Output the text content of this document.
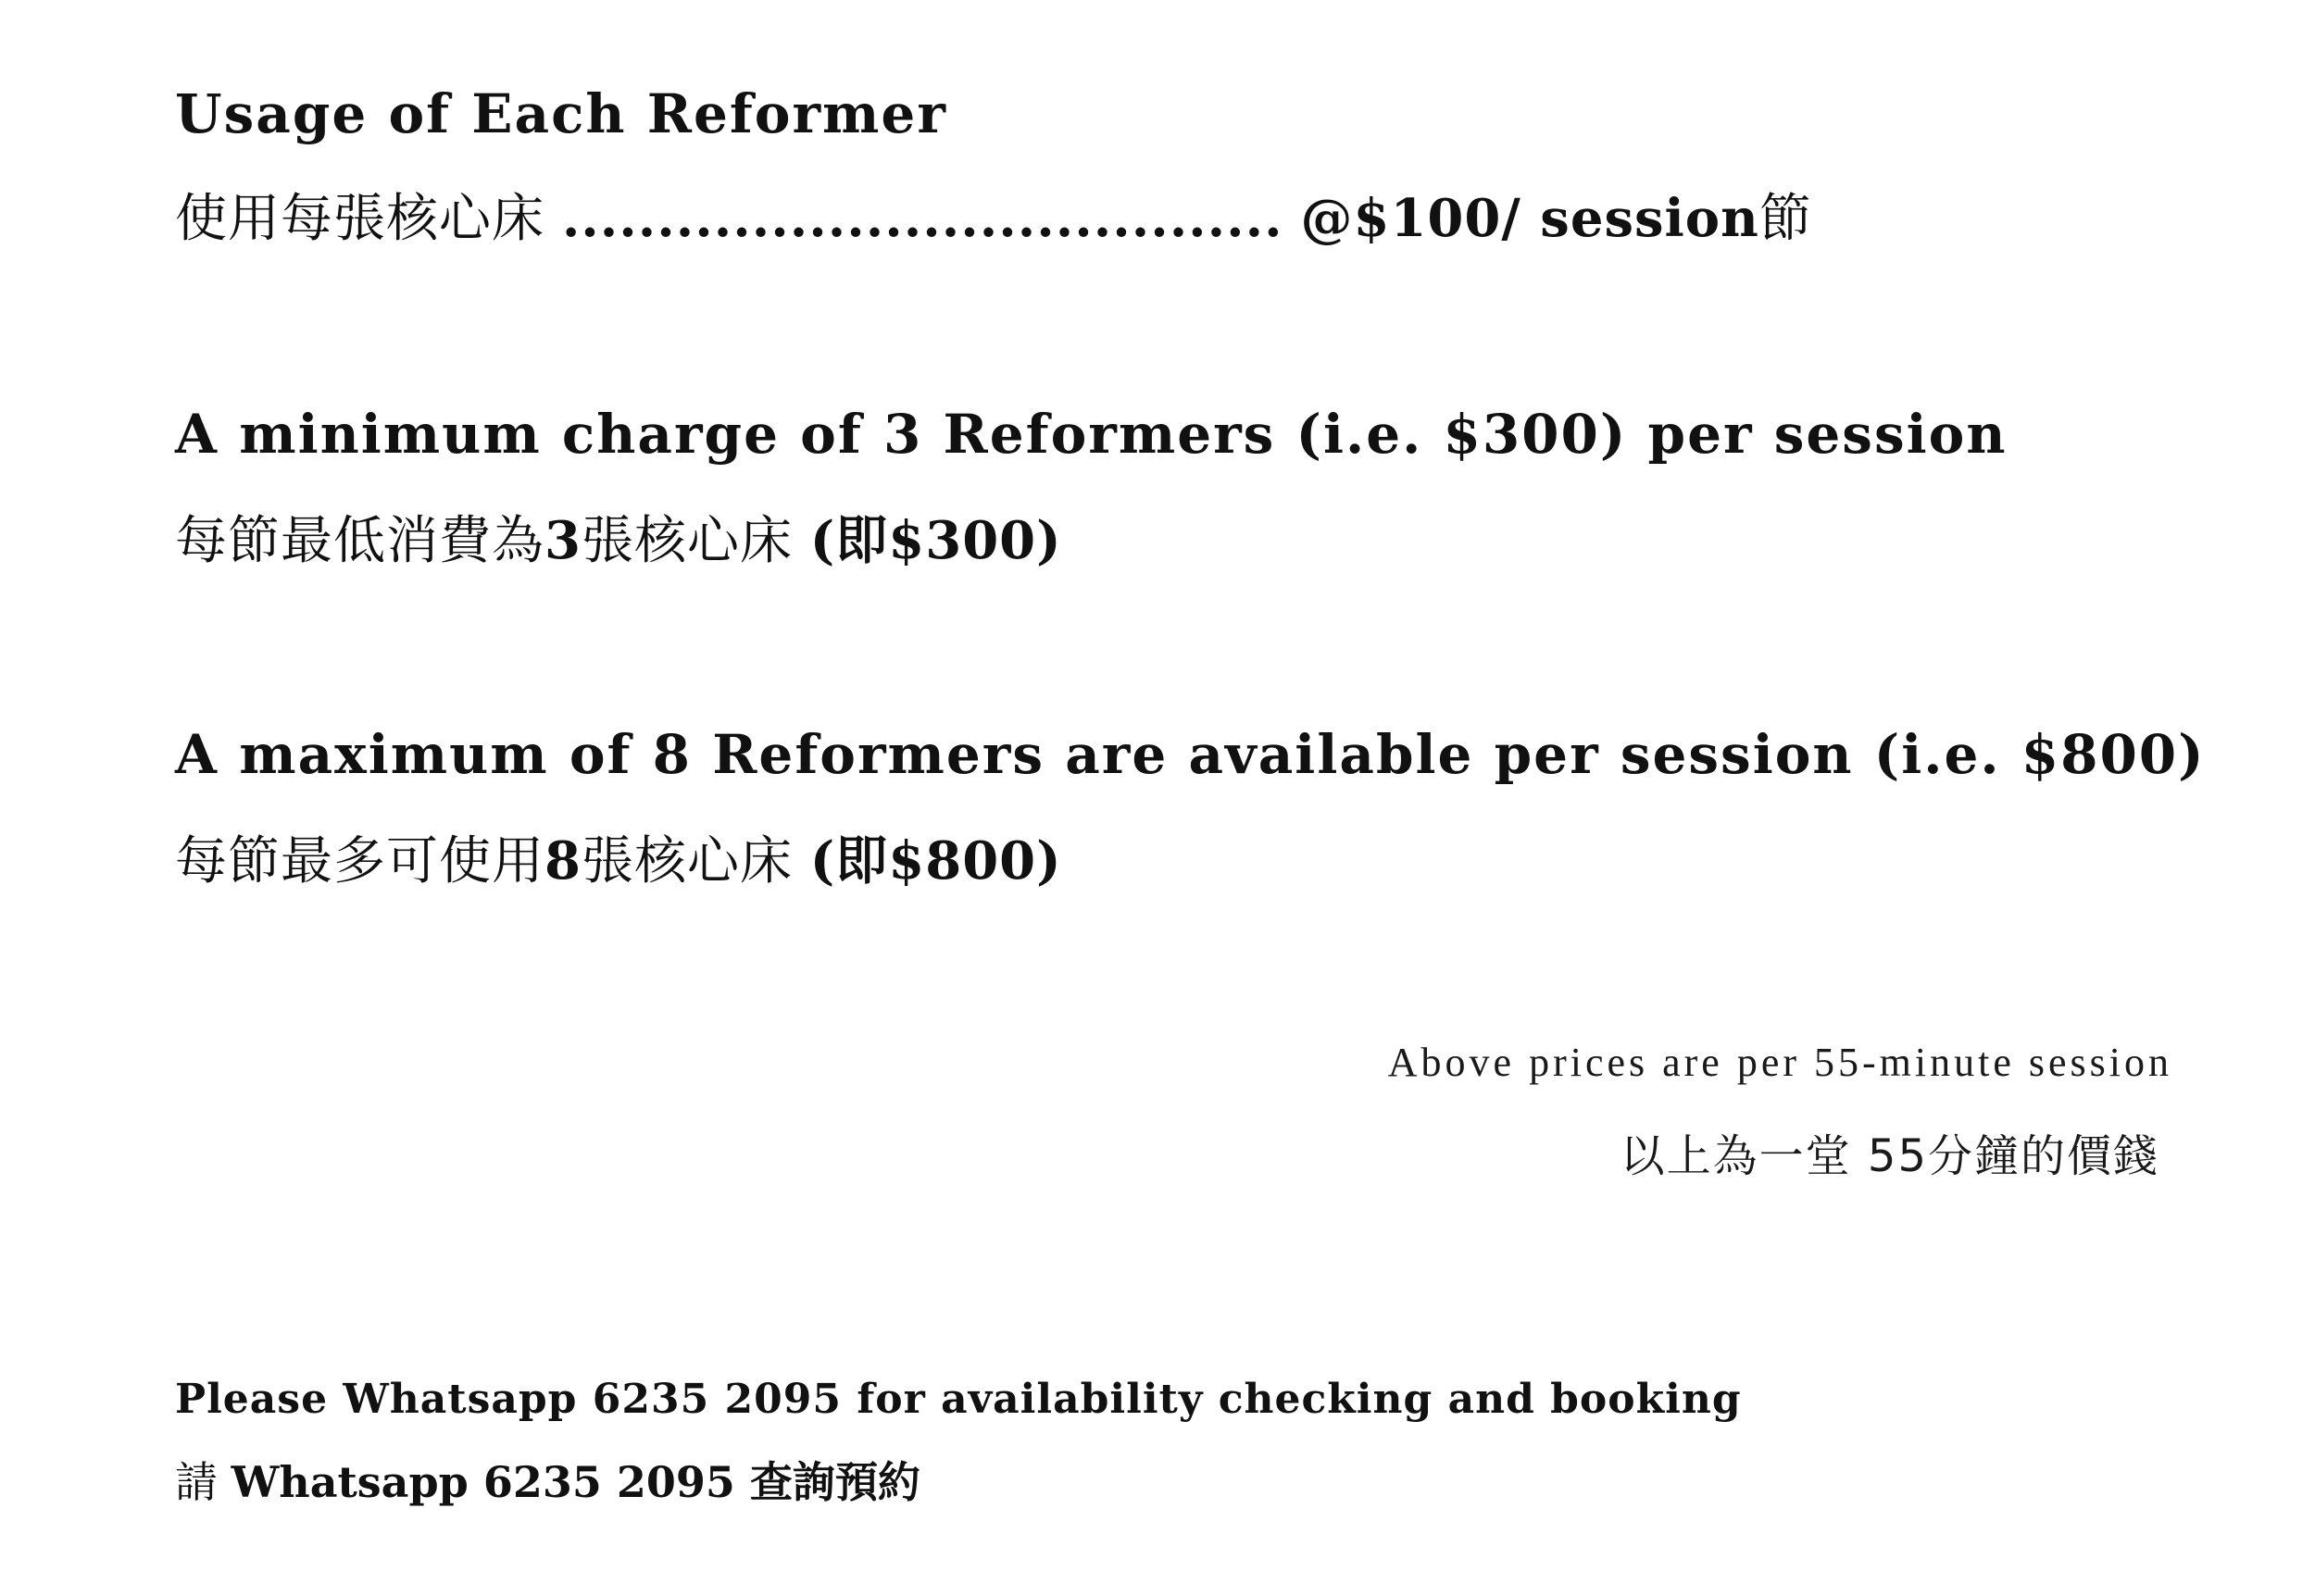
Usage of Each Reformer
使用每張核心床 ...................................... @$100/ session節
A minimum charge of 3 Reformers (i.e. $300) per session
每節最低消費為3張核心床 (即$300)
A maximum of 8 Reformers are available per session (i.e. $800)
每節最多可使用8張核心床 (即$800)
Above prices are per 55-minute session
以上為一堂 55分鐘的價錢
Please Whatsapp 6235 2095 for availability checking and booking
請 Whatsapp 6235 2095 查詢預約
